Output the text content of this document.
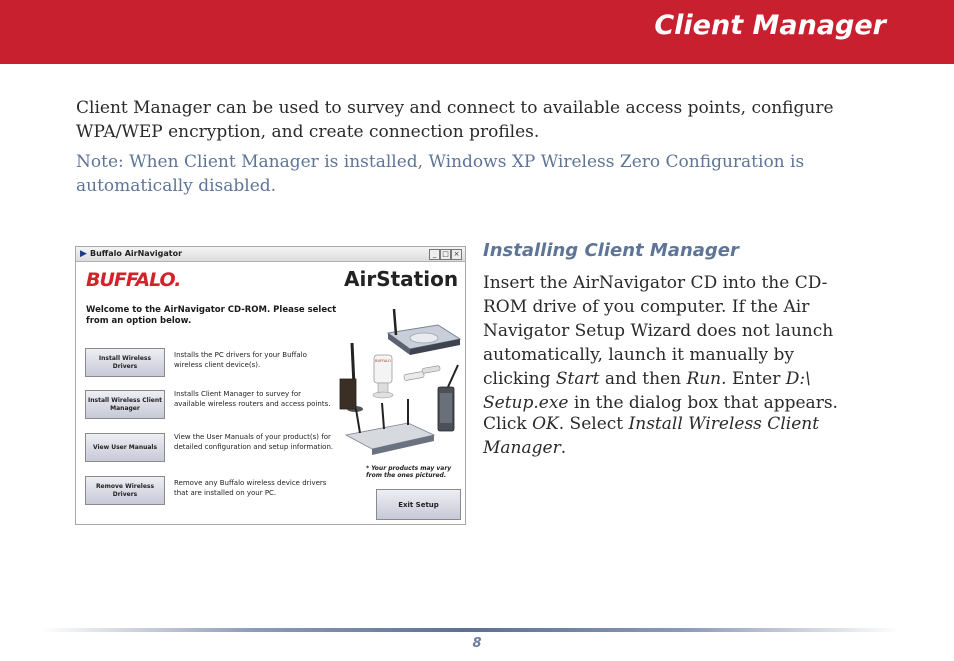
Client Manager
Client Manager can be used to survey and connect to available access points, configure WPA/WEP encryption, and create connection profiles.
Note: When Client Manager is installed, Windows XP Wireless Zero Configuration is automatically disabled.
▶ Buffalo AirNavigator	_ □ ×
BUFFALO.	AirStation
Welcome to the AirNavigator CD-ROM. Please select from an option below.
Install Wireless Drivers
Installs the PC drivers for your Buffalo wireless client device(s).
Install Wireless Client Manager
Installs Client Manager to survey for available wireless routers and access points.
View User Manuals
View the User Manuals of your product(s) for detailed configuration and setup information.
Remove Wireless Drivers
Remove any Buffalo wireless device drivers that are installed on your PC.
BUFFALO
* Your products may vary from the ones pictured.
Exit Setup
Installing Client Manager
Insert the AirNavigator CD into the CD-ROM drive of you computer. If the Air Navigator Setup Wizard does not launch automatically, launch it manually by clicking Start and then Run. Enter D:\ Setup.exe in the dialog box that appears.
Click OK. Select Install Wireless Client Manager.
8
